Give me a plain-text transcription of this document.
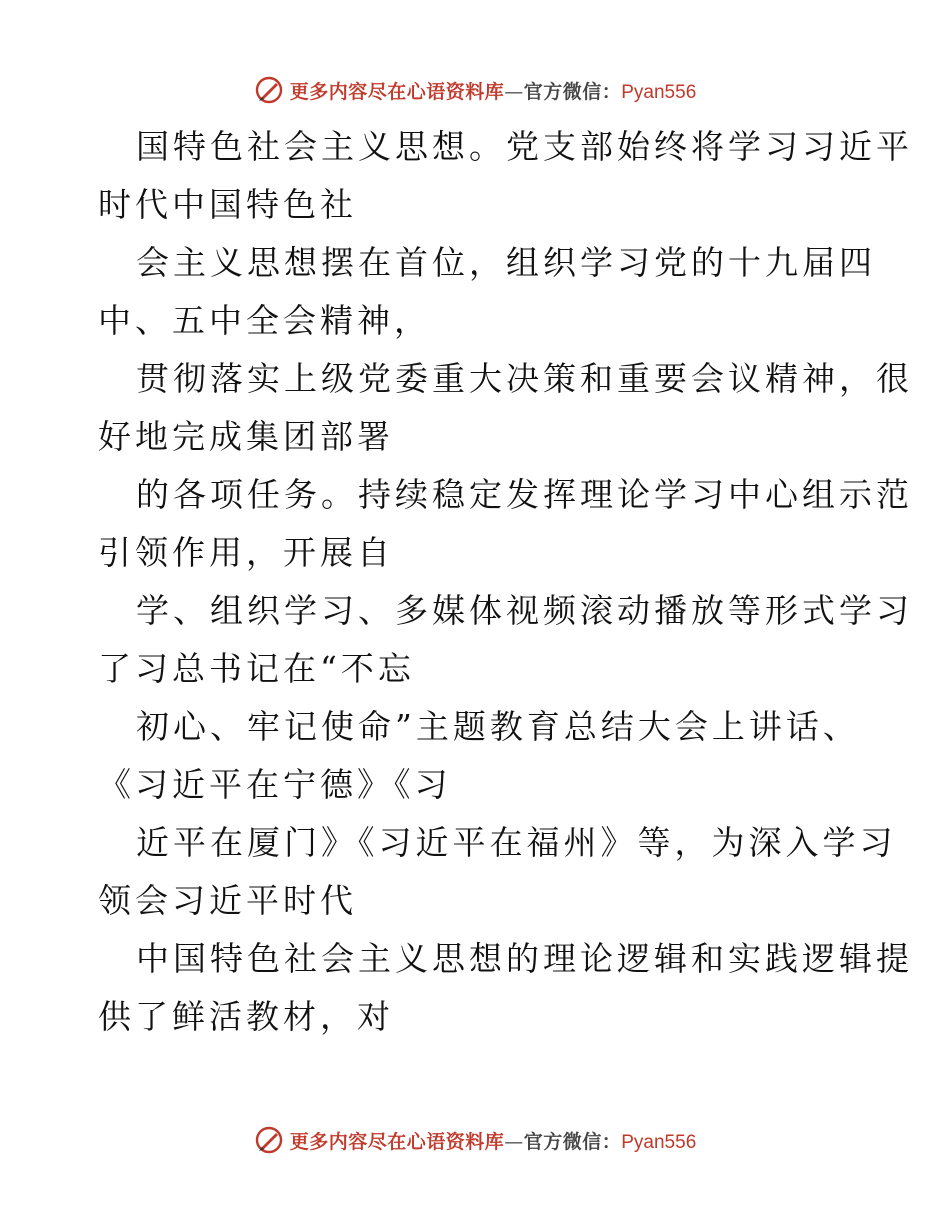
更多内容尽在心语资料库—官方微信：Pyan556
国特色社会主义思想。党支部始终将学习习近平
时代中国特色社
会主义思想摆在首位，组织学习党的十九届四
中、五中全会精神，
贯彻落实上级党委重大决策和重要会议精神，很
好地完成集团部署
的各项任务。持续稳定发挥理论学习中心组示范
引领作用，开展自
学、组织学习、多媒体视频滚动播放等形式学习
了习总书记在“不忘
初心、牢记使命”主题教育总结大会上讲话、
《习近平在宁德》《习
近平在厦门》《习近平在福州》等，为深入学习
领会习近平时代
中国特色社会主义思想的理论逻辑和实践逻辑提
供了鲜活教材，对
更多内容尽在心语资料库—官方微信：Pyan556
